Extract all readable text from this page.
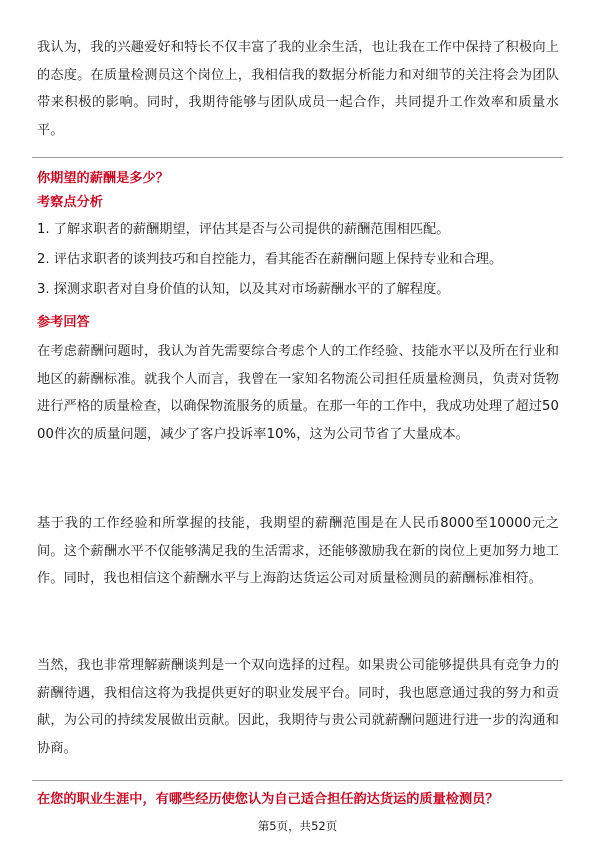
我认为，我的兴趣爱好和特长不仅丰富了我的业余生活，也让我在工作中保持了积极向上的态度。在质量检测员这个岗位上，我相信我的数据分析能力和对细节的关注将会为团队带来积极的影响。同时，我期待能够与团队成员一起合作，共同提升工作效率和质量水平。

你期望的薪酬是多少？

考察点分析

1. 了解求职者的薪酬期望，评估其是否与公司提供的薪酬范围相匹配。

2. 评估求职者的谈判技巧和自控能力，看其能否在薪酬问题上保持专业和合理。

3. 探测求职者对自身价值的认知，以及其对市场薪酬水平的了解程度。

参考回答

在考虑薪酬问题时，我认为首先需要综合考虑个人的工作经验、技能水平以及所在行业和地区的薪酬标准。就我个人而言，我曾在一家知名物流公司担任质量检测员，负责对货物进行严格的质量检查，以确保物流服务的质量。在那一年的工作中，我成功处理了超过5000件次的质量问题，减少了客户投诉率10%，这为公司节省了大量成本。

基于我的工作经验和所掌握的技能，我期望的薪酬范围是在人民币8000至10000元之间。这个薪酬水平不仅能够满足我的生活需求，还能够激励我在新的岗位上更加努力地工作。同时，我也相信这个薪酬水平与上海韵达货运公司对质量检测员的薪酬标准相符。

当然，我也非常理解薪酬谈判是一个双向选择的过程。如果贵公司能够提供具有竞争力的薪酬待遇，我相信这将为我提供更好的职业发展平台。同时，我也愿意通过我的努力和贡献，为公司的持续发展做出贡献。因此，我期待与贵公司就薪酬问题进行进一步的沟通和协商。

在您的职业生涯中，有哪些经历使您认为自己适合担任韵达货运的质量检测员？

第5页，共52页
